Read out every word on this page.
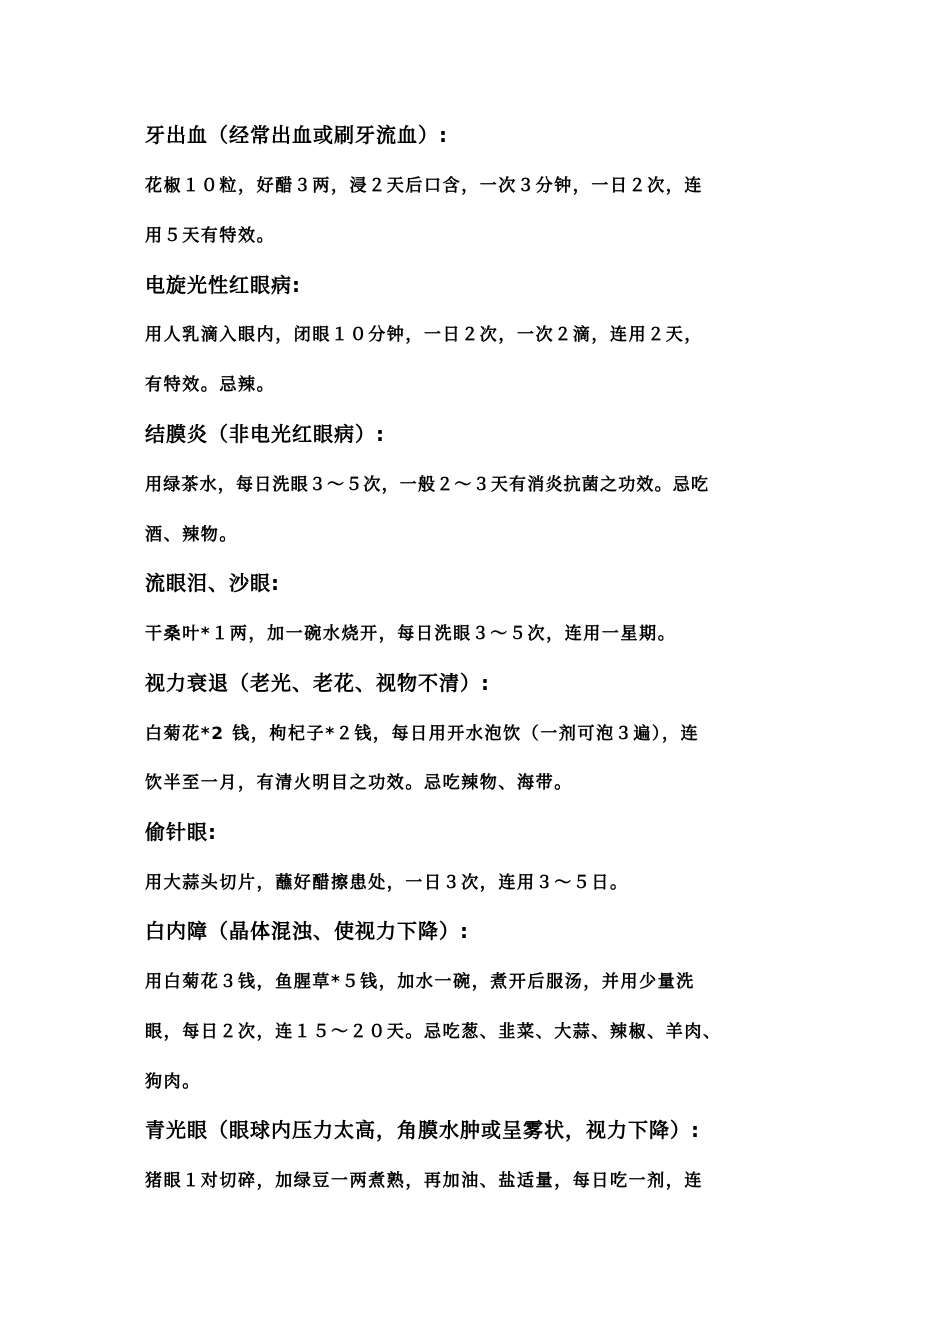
牙出血（经常出血或刷牙流血）:
花椒１０粒，好醋３两，浸２天后口含，一次３分钟，一日２次，连
用５天有特效。
电旋光性红眼病:
用人乳滴入眼内，闭眼１０分钟，一日２次，一次２滴，连用２天，
有特效。忌辣。
结膜炎（非电光红眼病）:
用绿茶水，每日洗眼３～５次，一般２～３天有消炎抗菌之功效。忌吃
酒、辣物。
流眼泪、沙眼:
干桑叶*１两，加一碗水烧开，每日洗眼３～５次，连用一星期。
视力衰退（老光、老花、视物不清）:
白菊花*2 钱，枸杞子*２钱，每日用开水泡饮（一剂可泡３遍），连
饮半至一月，有清火明目之功效。忌吃辣物、海带。
偷针眼:
用大蒜头切片，蘸好醋擦患处，一日３次，连用３～５日。
白内障（晶体混浊、使视力下降）:
用白菊花３钱，鱼腥草*５钱，加水一碗，煮开后服汤，并用少量洗
眼，每日２次，连１５～２０天。忌吃葱、韭菜、大蒜、辣椒、羊肉、
狗肉。
青光眼（眼球内压力太高，角膜水肿或呈雾状，视力下降）:
猪眼１对切碎，加绿豆一两煮熟，再加油、盐适量，每日吃一剂，连
